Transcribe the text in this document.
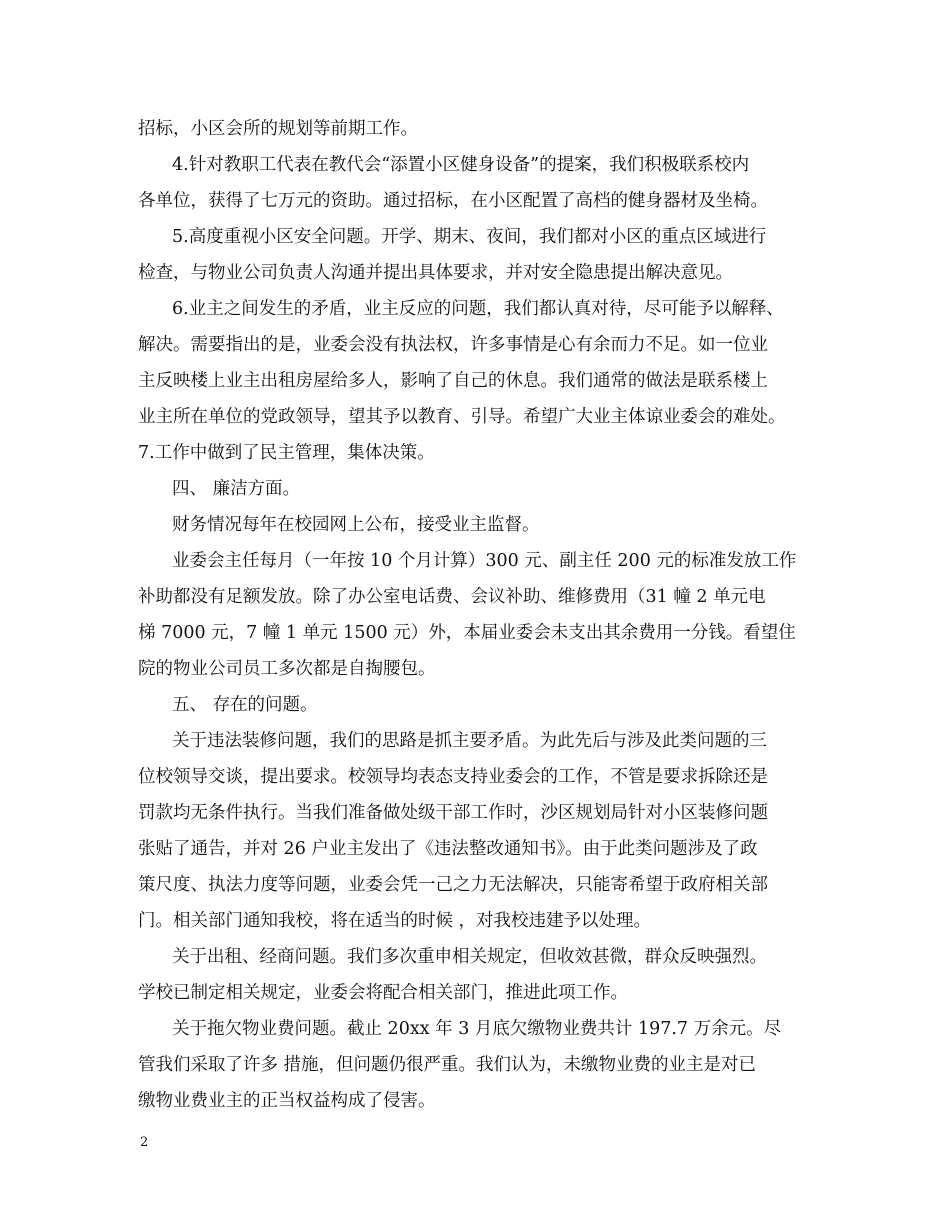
招标，小区会所的规划等前期工作。
4.针对教职工代表在教代会“添置小区健身设备”的提案，我们积极联系校内
各单位，获得了七万元的资助。通过招标，在小区配置了高档的健身器材及坐椅。
5.高度重视小区安全问题。开学、期末、夜间，我们都对小区的重点区域进行
检查，与物业公司负责人沟通并提出具体要求，并对安全隐患提出解决意见。
6.业主之间发生的矛盾，业主反应的问题，我们都认真对待，尽可能予以解释、
解决。需要指出的是，业委会没有执法权，许多事情是心有余而力不足。如一位业
主反映楼上业主出租房屋给多人，影响了自己的休息。我们通常的做法是联系楼上
业主所在单位的党政领导，望其予以教育、引导。希望广大业主体谅业委会的难处。
7.工作中做到了民主管理，集体决策。
四、 廉洁方面。
财务情况每年在校园网上公布，接受业主监督。
业委会主任每月（一年按 10 个月计算）300 元、副主任 200 元的标准发放工作
补助都没有足额发放。除了办公室电话费、会议补助、维修费用（31 幢 2 单元电
梯 7000 元，7 幢 1 单元 1500 元）外，本届业委会未支出其余费用一分钱。看望住
院的物业公司员工多次都是自掏腰包。
五、 存在的问题。
关于违法装修问题，我们的思路是抓主要矛盾。为此先后与涉及此类问题的三
位校领导交谈，提出要求。校领导均表态支持业委会的工作，不管是要求拆除还是
罚款均无条件执行。当我们准备做处级干部工作时，沙区规划局针对小区装修问题
张贴了通告，并对 26 户业主发出了《违法整改通知书》。由于此类问题涉及了政
策尺度、执法力度等问题，业委会凭一己之力无法解决，只能寄希望于政府相关部
门。相关部门通知我校，将在适当的时候 ，对我校违建予以处理。
关于出租、经商问题。我们多次重申相关规定，但收效甚微，群众反映强烈。
学校已制定相关规定，业委会将配合相关部门，推进此项工作。
关于拖欠物业费问题。截止 20xx 年 3 月底欠缴物业费共计 197.7 万余元。尽
管我们采取了许多 措施，但问题仍很严重。我们认为，未缴物业费的业主是对已
缴物业费业主的正当权益构成了侵害。
2
